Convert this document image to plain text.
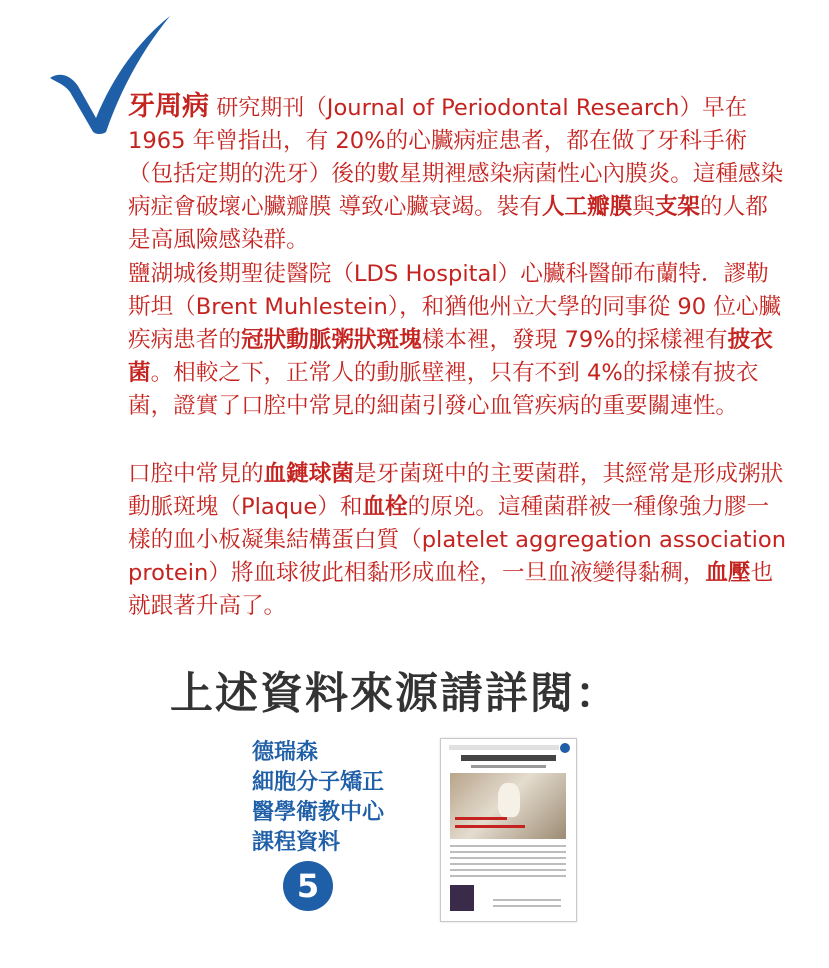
牙周病 研究期刊（Journal of Periodontal Research）早在 1965 年曾指出，有 20%的心臟病症患者，都在做了牙科手術（包括定期的洗牙）後的數星期裡感染病菌性心內膜炎。這種感染病症會破壞心臟瓣膜 導致心臟衰竭。裝有人工瓣膜與支架的人都是高風險感染群。

鹽湖城後期聖徒醫院（LDS Hospital）心臟科醫師布蘭特．謬勒斯坦（Brent Muhlestein），和猶他州立大學的同事從 90 位心臟疾病患者的冠狀動脈粥狀斑塊樣本裡，發現 79%的採樣裡有披衣菌。相較之下，正常人的動脈壁裡，只有不到 4%的採樣有披衣菌，證實了口腔中常見的細菌引發心血管疾病的重要關連性。

口腔中常見的血鏈球菌是牙菌斑中的主要菌群，其經常是形成粥狀動脈斑塊（Plaque）和血栓的原兇。這種菌群被一種像強力膠一樣的血小板凝集結構蛋白質（platelet aggregation association protein）將血球彼此相黏形成血栓，一旦血液變得黏稠，血壓也就跟著升高了。

上述資料來源請詳閱：
德瑞森
細胞分子矯正
醫學衛教中心
課程資料
5
